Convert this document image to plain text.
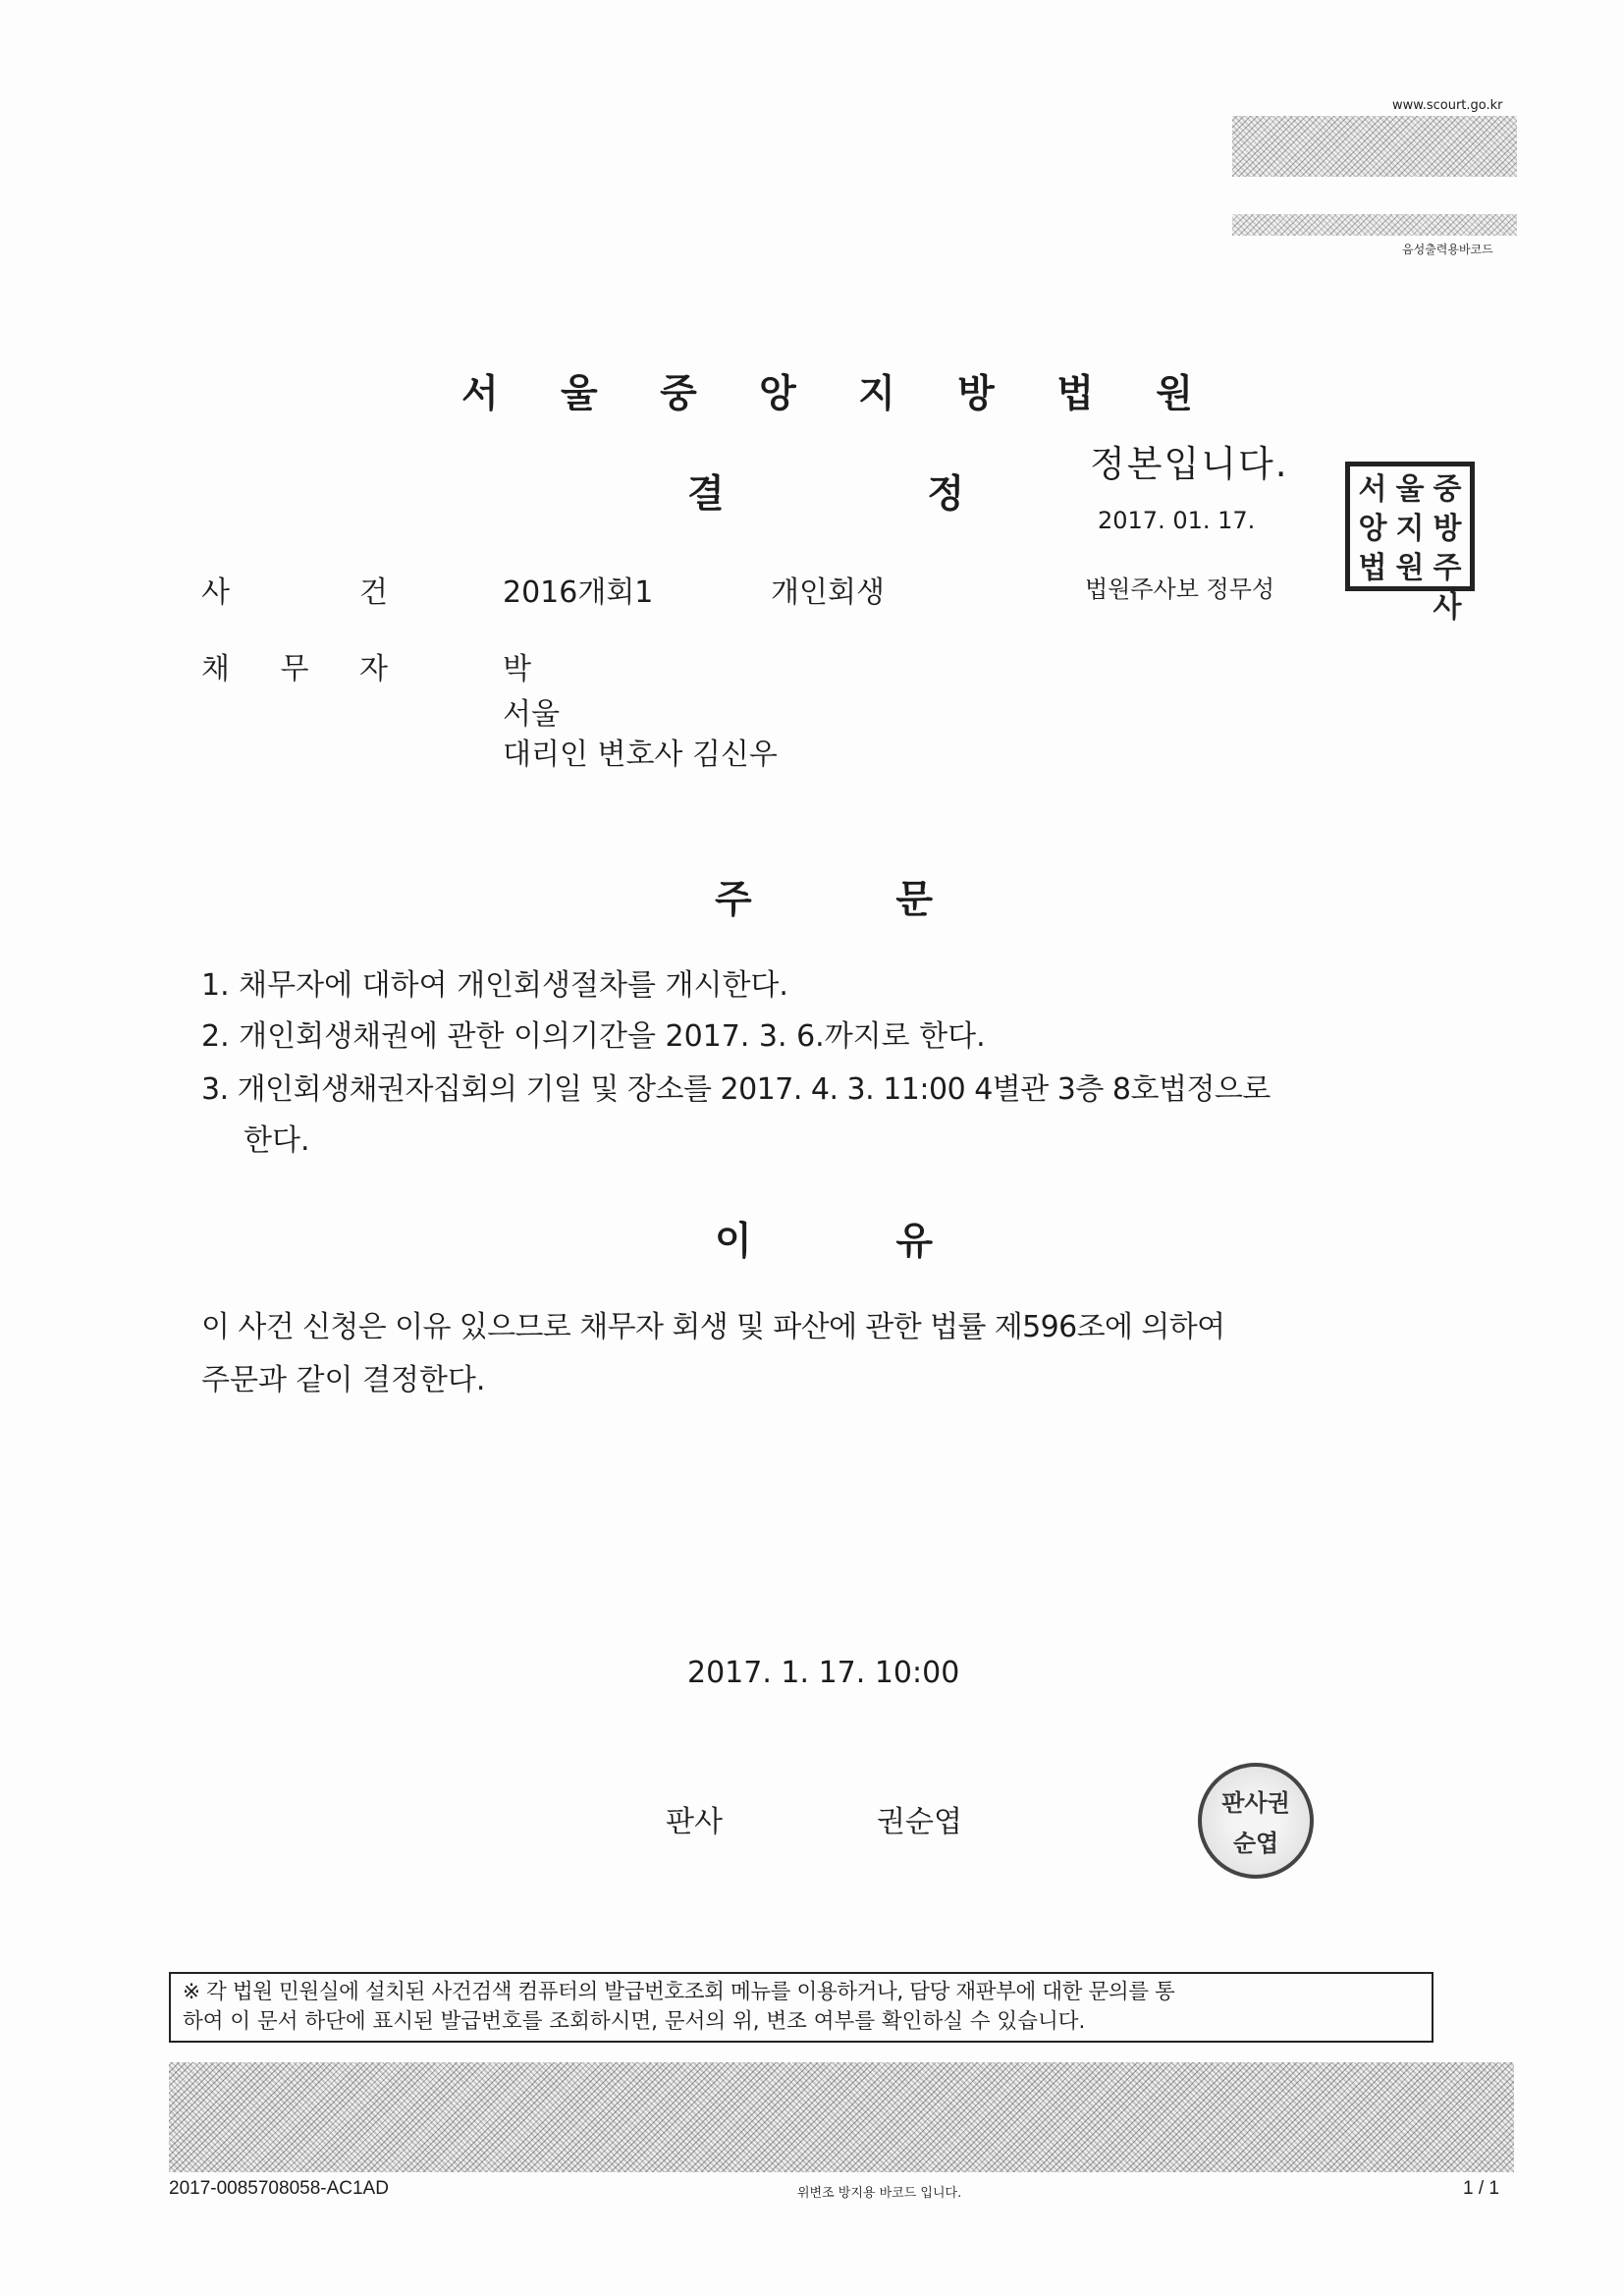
www.scourt.go.kr
음성출력용바코드
서 울 중 앙 지 방 법 원
결	정
정본입니다.
2017. 01. 17.
법원주사보 정무성
서 울 중
앙 지 방
법 원 주사
사	건	2016개회1	개인회생
채 무 자	박
서울
대리인 변호사 김신우
주	문
1. 채무자에 대하여 개인회생절차를 개시한다.
2. 개인회생채권에 관한 이의기간을 2017. 3. 6.까지로 한다.
3. 개인회생채권자집회의 기일 및 장소를 2017. 4. 3. 11:00 4별관 3층 8호법정으로
한다.
이	유
이 사건 신청은 이유 있으므로 채무자 회생 및 파산에 관한 법률 제596조에 의하여
주문과 같이 결정한다.
2017. 1. 17. 10:00
판사	권순엽
판 사 권
순 엽
※ 각 법원 민원실에 설치된 사건검색 컴퓨터의 발급번호조회 메뉴를 이용하거나, 담당 재판부에 대한 문의를 통
하여 이 문서 하단에 표시된 발급번호를 조회하시면, 문서의 위, 변조 여부를 확인하실 수 있습니다.
2017-0085708058-AC1AD	위변조 방지용 바코드 입니다.	1 / 1
